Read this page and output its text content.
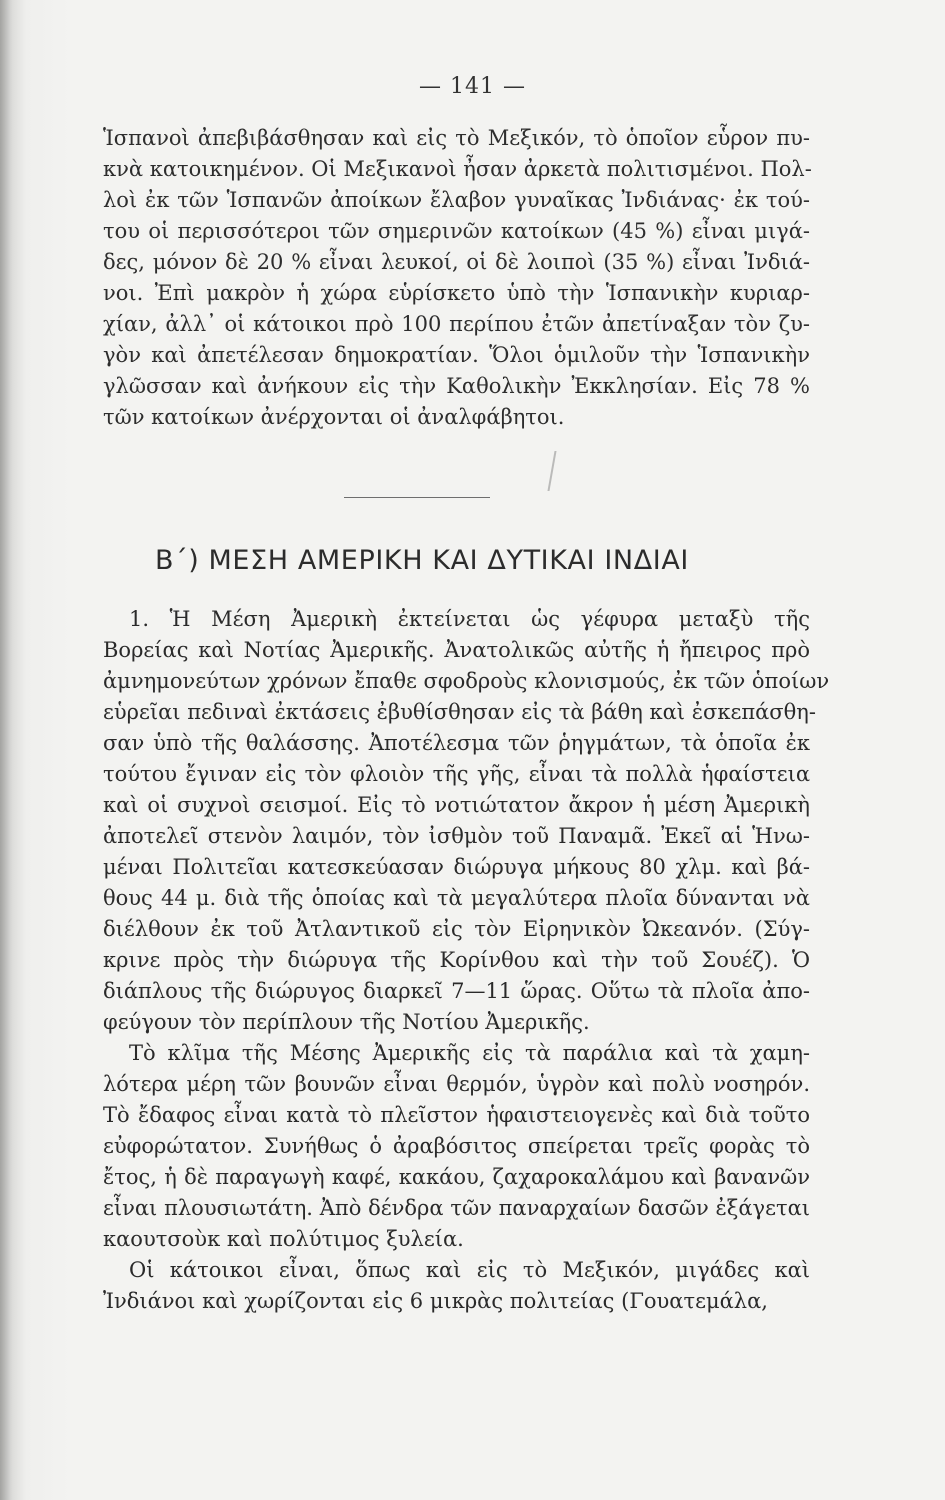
— 141 —

Ἱσπανοὶ ἀπεβιβάσθησαν καὶ εἰς τὸ Μεξικόν, τὸ ὁποῖον εὗρον πυ-
κνὰ κατοικημένον. Οἱ Μεξικανοὶ ἦσαν ἀρκετὰ πολιτισμένοι. Πολ-
λοὶ ἐκ τῶν Ἱσπανῶν ἀποίκων ἔλαβον γυναῖκας Ἰνδιάνας· ἐκ τού-
του οἱ περισσότεροι τῶν σημερινῶν κατοίκων (45 %) εἶναι μιγά-
δες, μόνον δὲ 20 % εἶναι λευκοί, οἱ δὲ λοιποὶ (35 %) εἶναι Ἰνδιά-
νοι. Ἐπὶ μακρὸν ἡ χώρα εὑρίσκετο ὑπὸ τὴν Ἱσπανικὴν κυριαρ-
χίαν, ἀλλ᾽ οἱ κάτοικοι πρὸ 100 περίπου ἐτῶν ἀπετίναξαν τὸν ζυ-
γὸν καὶ ἀπετέλεσαν δημοκρατίαν. Ὅλοι ὁμιλοῦν τὴν Ἱσπανικὴν
γλῶσσαν καὶ ἀνήκουν εἰς τὴν Καθολικὴν Ἐκκλησίαν. Εἰς 78 %
τῶν κατοίκων ἀνέρχονται οἱ ἀναλφάβητοι.

Β΄) ΜΕΣΗ ΑΜΕΡΙΚΗ ΚΑΙ ΔΥΤΙΚΑΙ ΙΝΔΙΑΙ

1. Ἡ Μέση Ἀμερικὴ ἐκτείνεται ὡς γέφυρα μεταξὺ τῆς
Βορείας καὶ Νοτίας Ἀμερικῆς. Ἀνατολικῶς αὐτῆς ἡ ἤπειρος πρὸ
ἀμνημονεύτων χρόνων ἔπαθε σφοδροὺς κλονισμούς, ἐκ τῶν ὁποίων
εὑρεῖαι πεδιναὶ ἐκτάσεις ἐβυθίσθησαν εἰς τὰ βάθη καὶ ἐσκεπάσθη-
σαν ὑπὸ τῆς θαλάσσης. Ἀποτέλεσμα τῶν ῥηγμάτων, τὰ ὁποῖα ἐκ
τούτου ἔγιναν εἰς τὸν φλοιὸν τῆς γῆς, εἶναι τὰ πολλὰ ἡφαίστεια
καὶ οἱ συχνοὶ σεισμοί. Εἰς τὸ νοτιώτατον ἄκρον ἡ μέση Ἀμερικὴ
ἀποτελεῖ στενὸν λαιμόν, τὸν ἰσθμὸν τοῦ Παναμᾶ. Ἐκεῖ αἱ Ἡνω-
μέναι Πολιτεῖαι κατεσκεύασαν διώρυγα μήκους 80 χλμ. καὶ βά-
θους 44 μ. διὰ τῆς ὁποίας καὶ τὰ μεγαλύτερα πλοῖα δύνανται νὰ
διέλθουν ἐκ τοῦ Ἀτλαντικοῦ εἰς τὸν Εἰρηνικὸν Ὠκεανόν. (Σύγ-
κρινε πρὸς τὴν διώρυγα τῆς Κορίνθου καὶ τὴν τοῦ Σουέζ). Ὁ
διάπλους τῆς διώρυγος διαρκεῖ 7—11 ὥρας. Οὕτω τὰ πλοῖα ἀπο-
φεύγουν τὸν περίπλουν τῆς Νοτίου Ἀμερικῆς.

Τὸ κλῖμα τῆς Μέσης Ἀμερικῆς εἰς τὰ παράλια καὶ τὰ χαμη-
λότερα μέρη τῶν βουνῶν εἶναι θερμόν, ὑγρὸν καὶ πολὺ νοσηρόν.
Τὸ ἔδαφος εἶναι κατὰ τὸ πλεῖστον ἡφαιστειογενὲς καὶ διὰ τοῦτο
εὐφορώτατον. Συνήθως ὁ ἀραβόσιτος σπείρεται τρεῖς φορὰς τὸ
ἔτος, ἡ δὲ παραγωγὴ καφέ, κακάου, ζαχαροκαλάμου καὶ βανανῶν
εἶναι πλουσιωτάτη. Ἀπὸ δένδρα τῶν παναρχαίων δασῶν ἐξάγεται
καουτσοὺκ καὶ πολύτιμος ξυλεία.

Οἱ κάτοικοι εἶναι, ὅπως καὶ εἰς τὸ Μεξικόν, μιγάδες καὶ
Ἰνδιάνοι καὶ χωρίζονται εἰς 6 μικρὰς πολιτείας (Γουατεμάλα,
